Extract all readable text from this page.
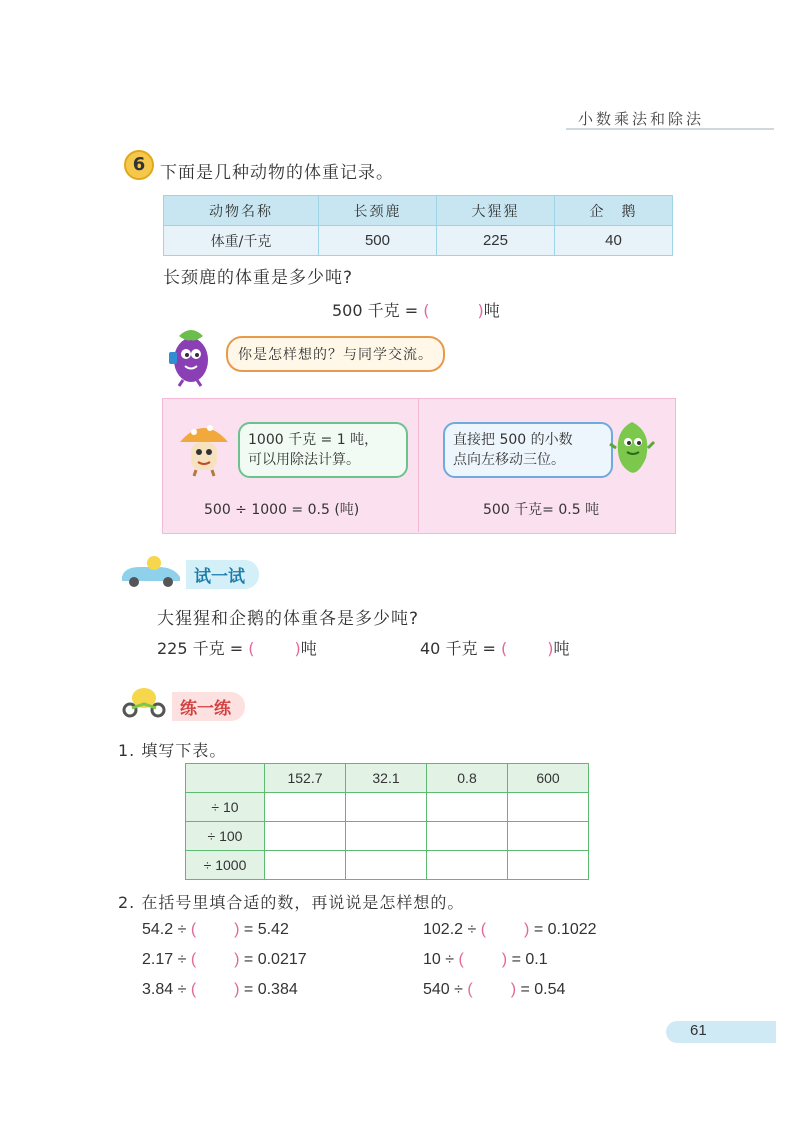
小数乘法和除法
6 下面是几种动物的体重记录。
动物名称	长颈鹿	大猩猩	企　鹅
体重/千克	500	225	40
长颈鹿的体重是多少吨?
500 千克 = (	)吨
你是怎样想的？与同学交流。
1000 千克 = 1 吨，
可以用除法计算。
500 ÷ 1000 = 0.5 (吨)
直接把 500 的小数
点向左移动三位。
500 千克= 0.5 吨
试一试
大猩猩和企鹅的体重各是多少吨?
225 千克 = (	)吨	40 千克 = (	)吨
练一练
1. 填写下表。
	152.7	32.1	0.8	600
÷ 10				
÷ 100				
÷ 1000				
2. 在括号里填合适的数，再说说是怎样想的。
54.2 ÷ ( ) = 5.42	102.2 ÷ ( ) = 0.1022
2.17 ÷ ( ) = 0.0217	10 ÷ ( ) = 0.1
3.84 ÷ ( ) = 0.384	540 ÷ ( ) = 0.54
61
